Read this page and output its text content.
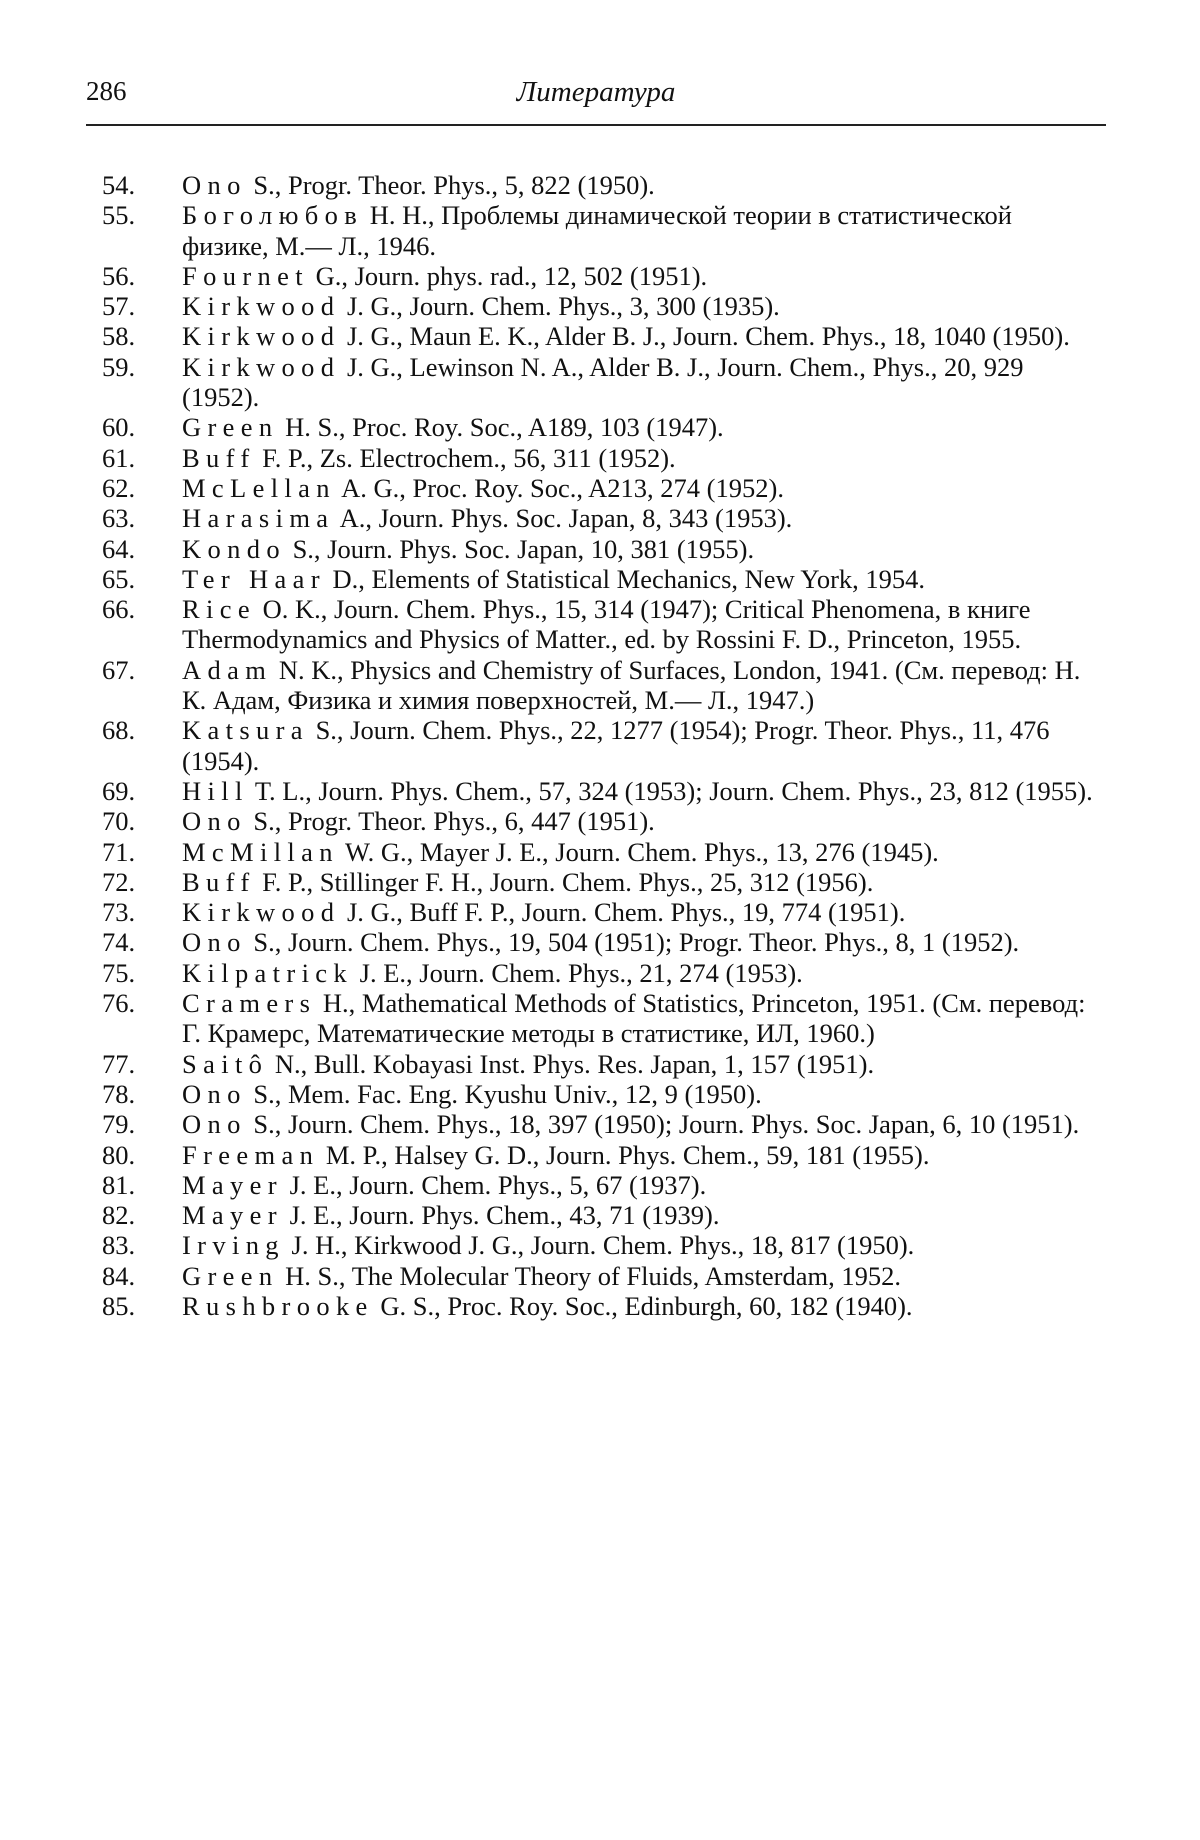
286	Литература
54. Ono S., Progr. Theor. Phys., 5, 822 (1950).
55. Боголюбов Н. Н., Проблемы динамической теории в статистической физике, М.— Л., 1946.
56. Fournet G., Journ. phys. rad., 12, 502 (1951).
57. Kirkwood J. G., Journ. Chem. Phys., 3, 300 (1935).
58. Kirkwood J. G., Maun E. K., Alder B. J., Journ. Chem. Phys., 18, 1040 (1950).
59. Kirkwood J. G., Lewinson N. A., Alder B. J., Journ. Chem., Phys., 20, 929 (1952).
60. Green H. S., Proc. Roy. Soc., A189, 103 (1947).
61. Buff F. P., Zs. Electrochem., 56, 311 (1952).
62. McLellan A. G., Proc. Roy. Soc., A213, 274 (1952).
63. Harasima A., Journ. Phys. Soc. Japan, 8, 343 (1953).
64. Kondo S., Journ. Phys. Soc. Japan, 10, 381 (1955).
65. Ter Haar D., Elements of Statistical Mechanics, New York, 1954.
66. Rice O. K., Journ. Chem. Phys., 15, 314 (1947); Critical Phenomena, в книге Thermodynamics and Physics of Matter., ed. by Rossini F. D., Princeton, 1955.
67. Adam N. K., Physics and Chemistry of Surfaces, London, 1941. (См. перевод: Н. К. Адам, Физика и химия поверхностей, М.— Л., 1947.)
68. Katsura S., Journ. Chem. Phys., 22, 1277 (1954); Progr. Theor. Phys., 11, 476 (1954).
69. Hill T. L., Journ. Phys. Chem., 57, 324 (1953); Journ. Chem. Phys., 23, 812 (1955).
70. Ono S., Progr. Theor. Phys., 6, 447 (1951).
71. McMillan W. G., Mayer J. E., Journ. Chem. Phys., 13, 276 (1945).
72. Buff F. P., Stillinger F. H., Journ. Chem. Phys., 25, 312 (1956).
73. Kirkwood J. G., Buff F. P., Journ. Chem. Phys., 19, 774 (1951).
74. Ono S., Journ. Chem. Phys., 19, 504 (1951); Progr. Theor. Phys., 8, 1 (1952).
75. Kilpatrick J. E., Journ. Chem. Phys., 21, 274 (1953).
76. Cramers H., Mathematical Methods of Statistics, Princeton, 1951. (См. перевод: Г. Крамерс, Математические методы в статистике, ИЛ, 1960.)
77. Saitô N., Bull. Kobayasi Inst. Phys. Res. Japan, 1, 157 (1951).
78. Ono S., Mem. Fac. Eng. Kyushu Univ., 12, 9 (1950).
79. Ono S., Journ. Chem. Phys., 18, 397 (1950); Journ. Phys. Soc. Japan, 6, 10 (1951).
80. Freeman M. P., Halsey G. D., Journ. Phys. Chem., 59, 181 (1955).
81. Mayer J. E., Journ. Chem. Phys., 5, 67 (1937).
82. Mayer J. E., Journ. Phys. Chem., 43, 71 (1939).
83. Irving J. H., Kirkwood J. G., Journ. Chem. Phys., 18, 817 (1950).
84. Green H. S., The Molecular Theory of Fluids, Amsterdam, 1952.
85. Rushbrooke G. S., Proc. Roy. Soc., Edinburgh, 60, 182 (1940).
